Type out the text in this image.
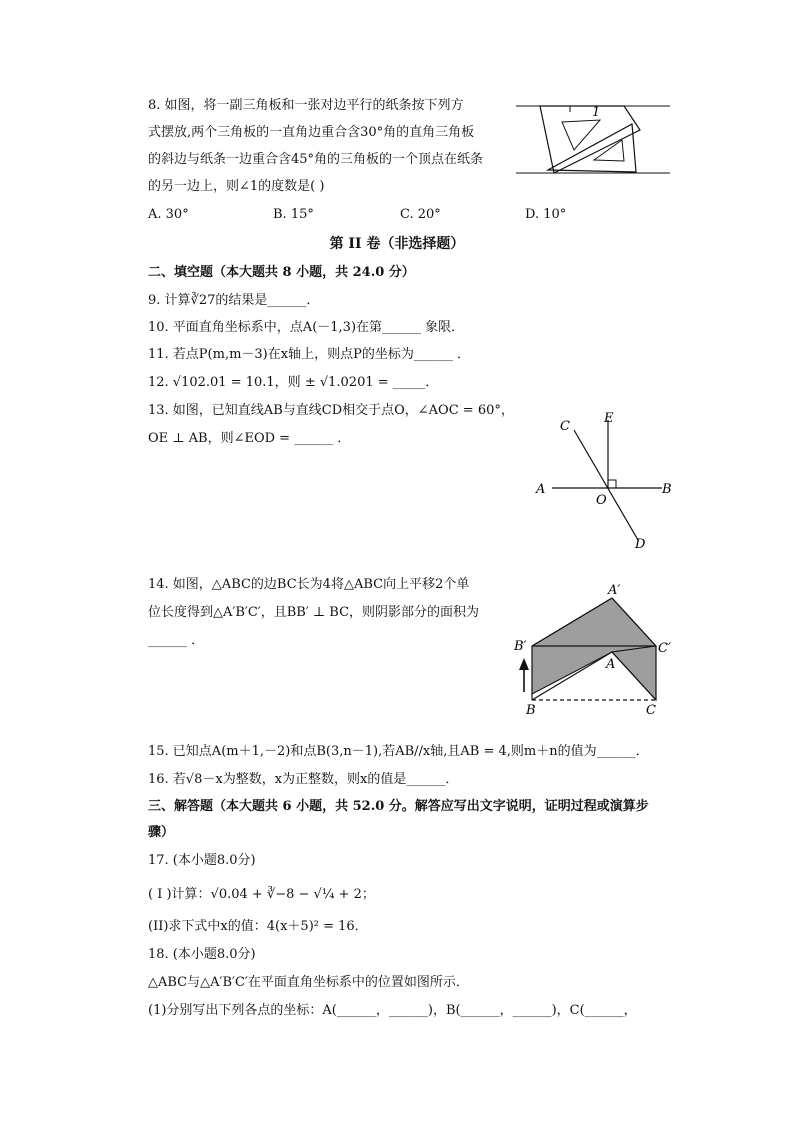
8. 如图，将一副三角板和一张对边平行的纸条按下列方
式摆放,两个三角板的一直角边重合含30°角的直角三角板
的斜边与纸条一边重合含45°角的三角板的一个顶点在纸条
的另一边上，则∠1的度数是( )
1
A. 30°	B. 15°	C. 20°	D. 10°
第 II 卷（非选择题）
二、填空题（本大题共 8 小题，共 24.0 分）
9. 计算∛27的结果是______．
10. 平面直角坐标系中，点A(－1,3)在第______ 象限．
11. 若点P(m,m－3)在x轴上，则点P的坐标为______ ．
12. √102.01 = 10.1，则 ± √1.0201 = _____．
13. 如图，已知直线AB与直线CD相交于点O，∠AOC = 60°，
OE ⊥ AB，则∠EOD = ______ ．
A	B
C
D
E
O
14. 如图，△ABC的边BC长为4将△ABC向上平移2个单
位长度得到△A′B′C′，且BB′ ⊥ BC，则阴影部分的面积为
______ ．
A′
B′	C′
A
B	C
15. 已知点A(m＋1,－2)和点B(3,n－1),若AB//x轴,且AB = 4,则m＋n的值为______．
16. 若√8－x为整数，x为正整数，则x的值是______．
三、解答题（本大题共 6 小题，共 52.0 分。解答应写出文字说明，证明过程或演算步
骤）
17. (本小题8.0分)
( I )计算：√0.04 + ∛−8 − √¼ + 2；
(II)求下式中x的值：4(x＋5)² = 16．
18. (本小题8.0分)
△ABC与△A′B′C′在平面直角坐标系中的位置如图所示．
(1)分别写出下列各点的坐标：A(______，______)，B(______，______)，C(______，
